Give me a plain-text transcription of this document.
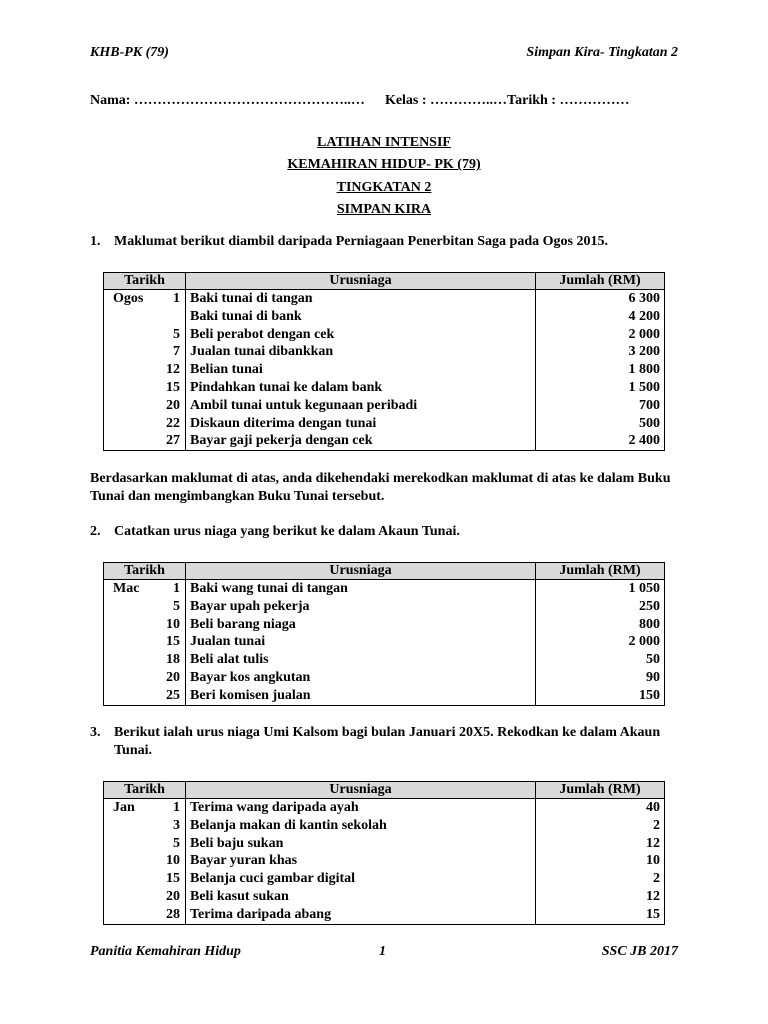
KHB-PK (79)	Simpan Kira- Tingkatan 2
Nama: ………………………………………..… Kelas : …………..…Tarikh : ……………
LATIHAN INTENSIF
KEMAHIRAN HIDUP- PK (79)
TINGKATAN 2
SIMPAN KIRA
1. Maklumat berikut diambil daripada Perniagaan Penerbitan Saga pada Ogos 2015.
Tarikh	Urusniaga	Jumlah (RM)

Ogos 1	Baki tunai di tangan	6 300

	Baki tunai di bank	4 200

5	Beli perabot dengan cek	2 000

7	Jualan tunai dibankkan	3 200

12	Belian tunai	1 800

15	Pindahkan tunai ke dalam bank	1 500

20	Ambil tunai untuk kegunaan peribadi	700

22	Diskaun diterima dengan tunai	500

27	Bayar gaji pekerja dengan cek	2 400
Berdasarkan maklumat di atas, anda dikehendaki merekodkan maklumat di atas ke dalam Buku Tunai dan mengimbangkan Buku Tunai tersebut.
2. Catatkan urus niaga yang berikut ke dalam Akaun Tunai.
Tarikh	Urusniaga	Jumlah (RM)

Mac 1	Baki wang tunai di tangan	1 050

5	Bayar upah pekerja	250

10	Beli barang niaga	800

15	Jualan tunai	2 000

18	Beli alat tulis	50

20	Bayar kos angkutan	90

25	Beri komisen jualan	150
3. Berikut ialah urus niaga Umi Kalsom bagi bulan Januari 20X5. Rekodkan ke dalam Akaun Tunai.
Tarikh	Urusniaga	Jumlah (RM)

Jan 1	Terima wang daripada ayah	40

3	Belanja makan di kantin sekolah	2

5	Beli baju sukan	12

10	Bayar yuran khas	10

15	Belanja cuci gambar digital	2

20	Beli kasut sukan	12

28	Terima daripada abang	15
Panitia Kemahiran Hidup	1	SSC JB 2017
